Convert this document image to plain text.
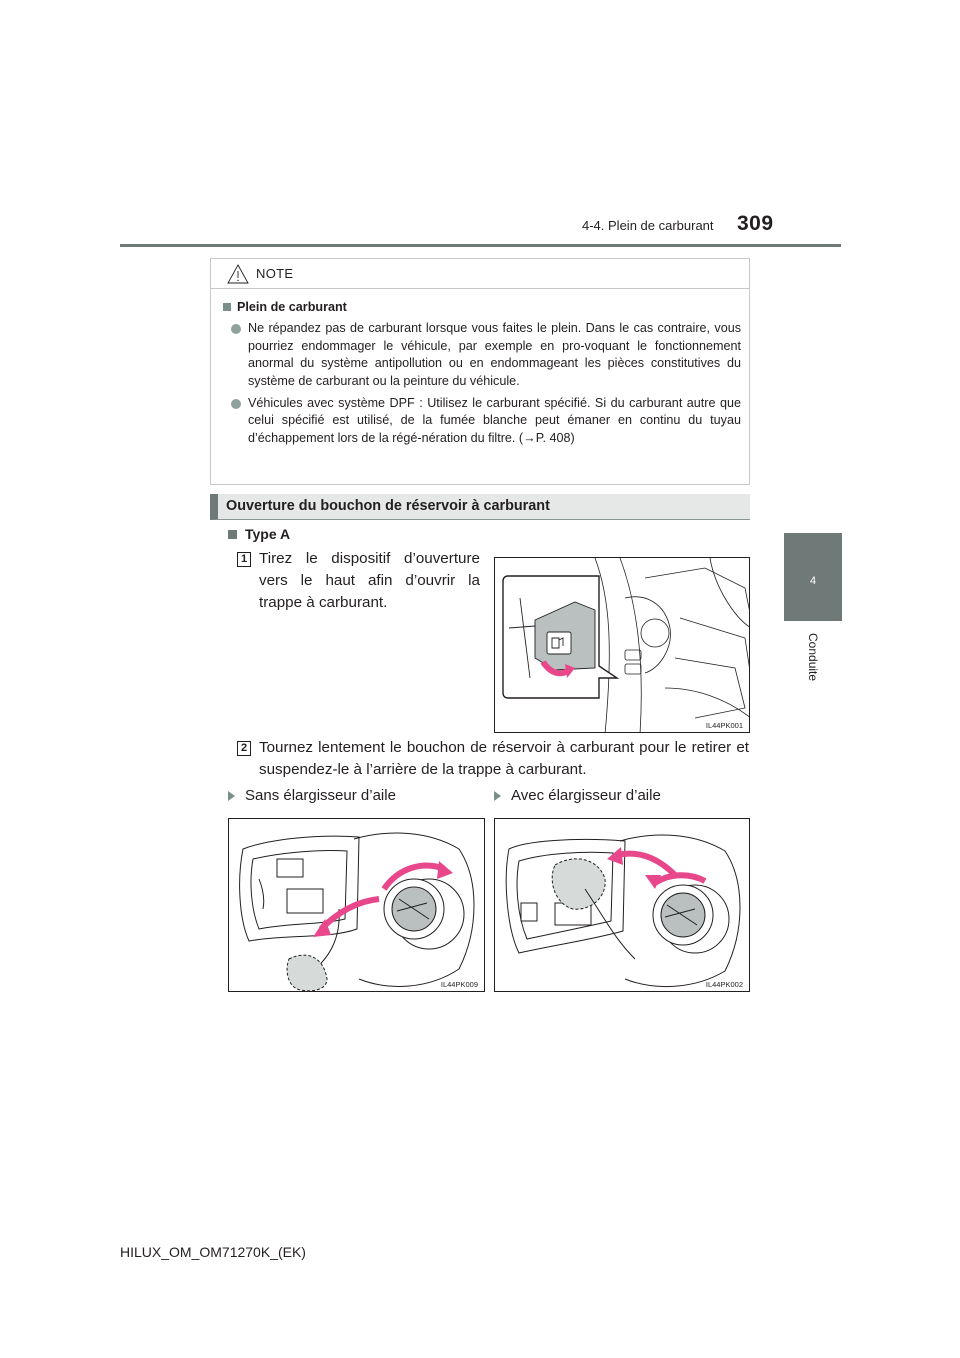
4-4. Plein de carburant 309
4
Conduite
NOTE
Plein de carburant
Ne répandez pas de carburant lorsque vous faites le plein. Dans le cas contraire, vous pourriez endommager le véhicule, par exemple en pro-voquant le fonctionnement anormal du système antipollution ou en endommageant les pièces constitutives du système de carburant ou la peinture du véhicule.
Véhicules avec système DPF : Utilisez le carburant spécifié. Si du carburant autre que celui spécifié est utilisé, de la fumée blanche peut émaner en continu du tuyau d’échappement lors de la régé-nération du filtre. (→P. 408)
Ouverture du bouchon de réservoir à carburant
Type A
1 Tirez le dispositif d’ouverture vers le haut afin d’ouvrir la trappe à carburant.
IL44PK001
2 Tournez lentement le bouchon de réservoir à carburant pour le retirer et suspendez-le à l’arrière de la trappe à carburant.
Sans élargisseur d’aile	Avec élargisseur d’aile
IL44PK009	IL44PK002
HILUX_OM_OM71270K_(EK)
